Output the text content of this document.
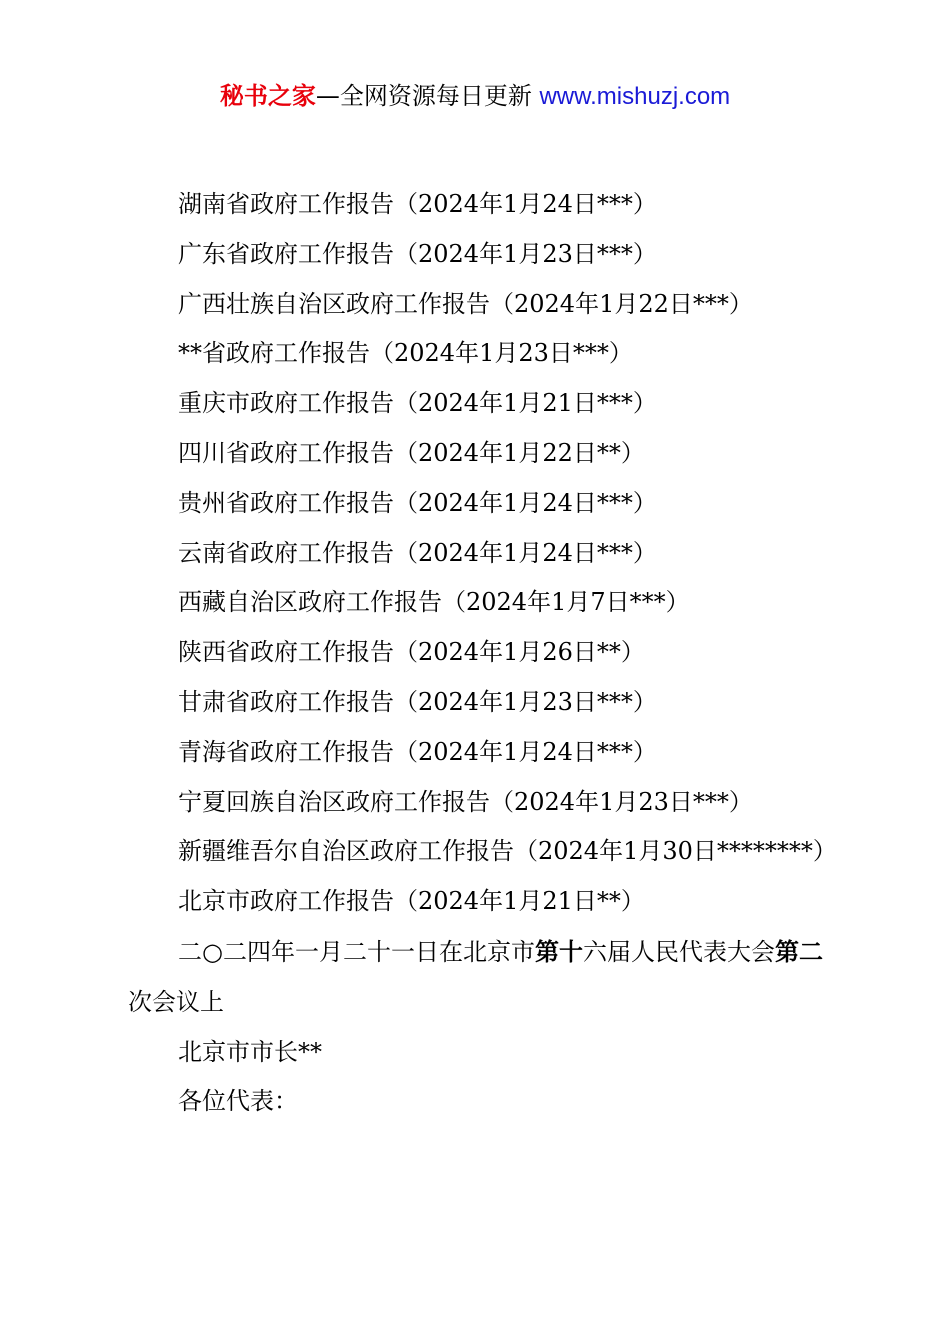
秘书之家—全网资源每日更新 www.mishuzj.com

湖南省政府工作报告（2024年1月24日***）

广东省政府工作报告（2024年1月23日***）

广西壮族自治区政府工作报告（2024年1月22日***）

**省政府工作报告（2024年1月23日***）

重庆市政府工作报告（2024年1月21日***）

四川省政府工作报告（2024年1月22日**）

贵州省政府工作报告（2024年1月24日***）

云南省政府工作报告（2024年1月24日***）

西藏自治区政府工作报告（2024年1月7日***）

陕西省政府工作报告（2024年1月26日**）

甘肃省政府工作报告（2024年1月23日***）

青海省政府工作报告（2024年1月24日***）

宁夏回族自治区政府工作报告（2024年1月23日***）

新疆维吾尔自治区政府工作报告（2024年1月30日********）

北京市政府工作报告（2024年1月21日**）

二○二四年一月二十一日在北京市第十六届人民代表大会第二次会议上

北京市市长**

各位代表：
